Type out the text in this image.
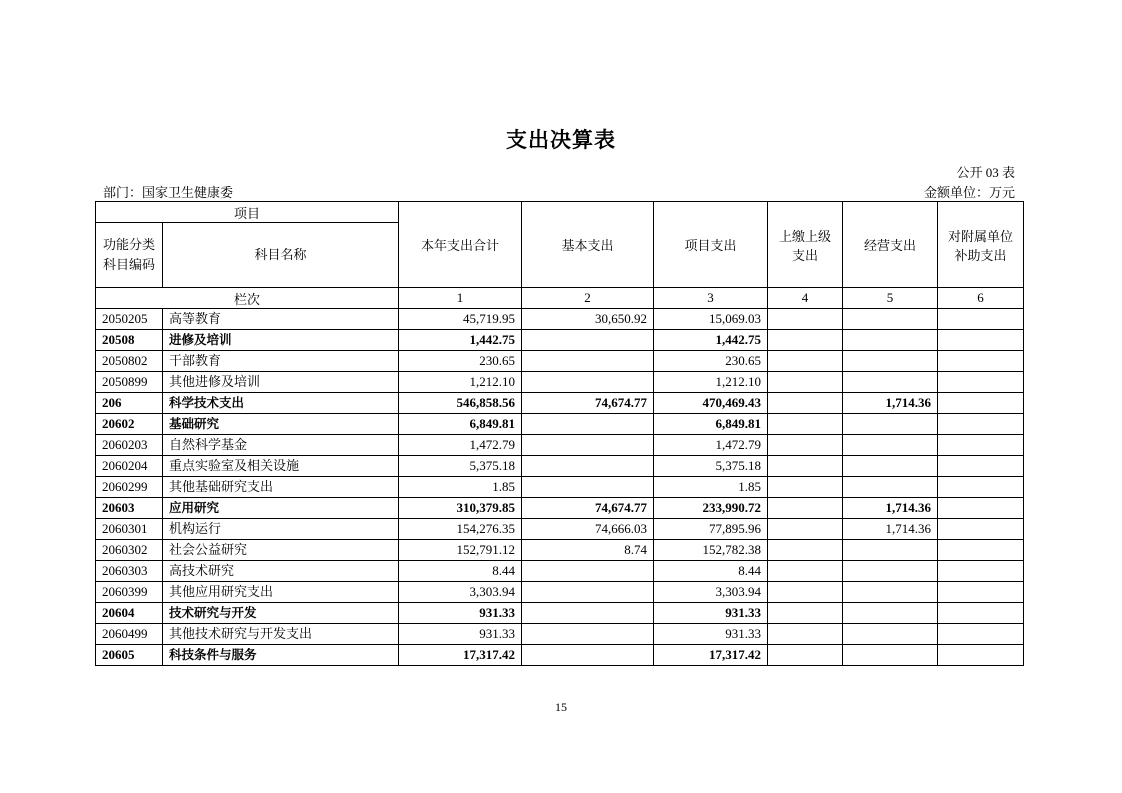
支出决算表
公开 03 表
部门：国家卫生健康委	金额单位：万元
项目		本年支出合计	基本支出	项目支出	上缴上级支出	经营支出	对附属单位补助支出
功能分类科目编码	科目名称						
栏次		1	2	3	4	5	6
2050205	高等教育	45,719.95	30,650.92	15,069.03			
20508	进修及培训	1,442.75		1,442.75			
2050802	干部教育	230.65		230.65			
2050899	其他进修及培训	1,212.10		1,212.10			
206	科学技术支出	546,858.56	74,674.77	470,469.43		1,714.36	
20602	基础研究	6,849.81		6,849.81			
2060203	自然科学基金	1,472.79		1,472.79			
2060204	重点实验室及相关设施	5,375.18		5,375.18			
2060299	其他基础研究支出	1.85		1.85			
20603	应用研究	310,379.85	74,674.77	233,990.72		1,714.36	
2060301	机构运行	154,276.35	74,666.03	77,895.96		1,714.36	
2060302	社会公益研究	152,791.12	8.74	152,782.38			
2060303	高技术研究	8.44		8.44			
2060399	其他应用研究支出	3,303.94		3,303.94			
20604	技术研究与开发	931.33		931.33			
2060499	其他技术研究与开发支出	931.33		931.33			
20605	科技条件与服务	17,317.42		17,317.42			
15
